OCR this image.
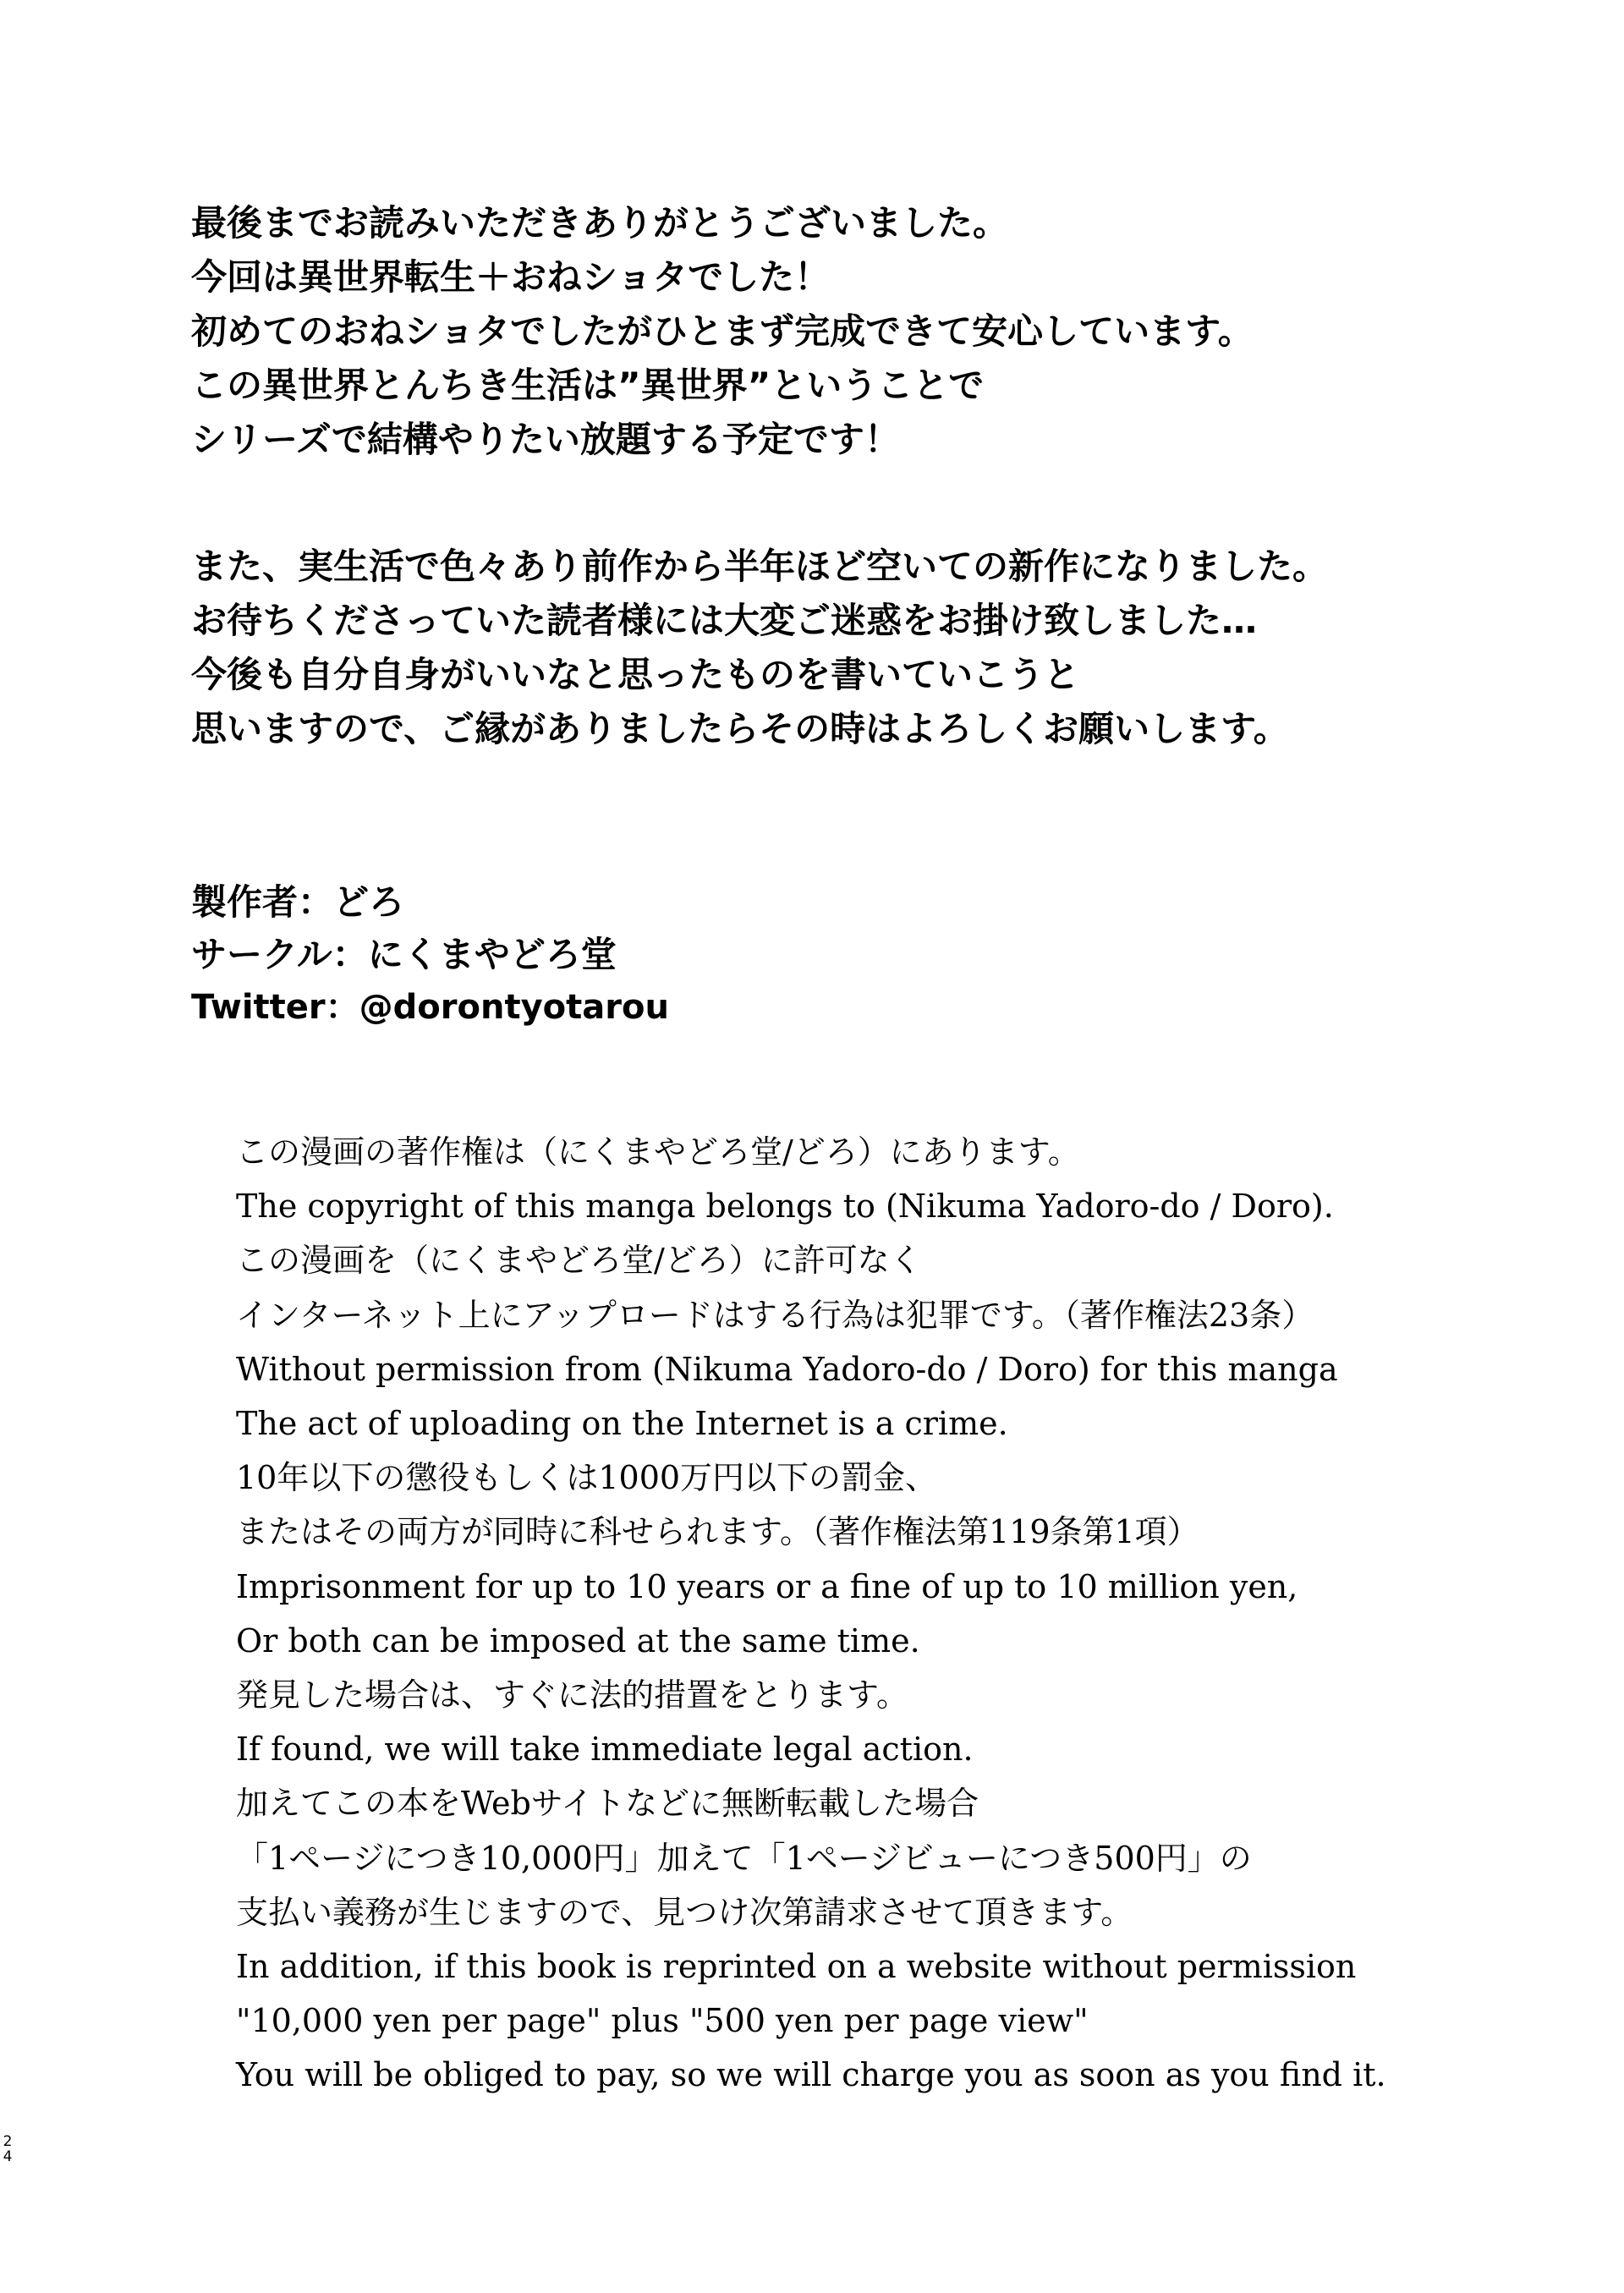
最後までお読みいただきありがとうございました。
今回は異世界転生＋おねショタでした！
初めてのおねショタでしたがひとまず完成できて安心しています。
この異世界とんちき生活は”異世界”ということで
シリーズで結構やりたい放題する予定です！
また、実生活で色々あり前作から半年ほど空いての新作になりました。
お待ちくださっていた読者様には大変ご迷惑をお掛け致しました…
今後も自分自身がいいなと思ったものを書いていこうと
思いますので、ご縁がありましたらその時はよろしくお願いします。
製作者：どろ
サークル：にくまやどろ堂
Twitter：@dorontyotarou
この漫画の著作権は（にくまやどろ堂/どろ）にあります。
The copyright of this manga belongs to (Nikuma Yadoro-do / Doro).
この漫画を（にくまやどろ堂/どろ）に許可なく
インターネット上にアップロードはする行為は犯罪です。（著作権法23条）
Without permission from (Nikuma Yadoro-do / Doro) for this manga
The act of uploading on the Internet is a crime.
10年以下の懲役もしくは1000万円以下の罰金、
またはその両方が同時に科せられます。（著作権法第119条第1項）
Imprisonment for up to 10 years or a fine of up to 10 million yen,
Or both can be imposed at the same time.
発見した場合は、すぐに法的措置をとります。
If found, we will take immediate legal action.
加えてこの本をWebサイトなどに無断転載した場合
「1ページにつき10,000円」加えて「1ページビューにつき500円」の
支払い義務が生じますので、見つけ次第請求させて頂きます。
In addition, if this book is reprinted on a website without permission
"10,000 yen per page" plus "500 yen per page view"
You will be obliged to pay, so we will charge you as soon as you find it.
2
4
